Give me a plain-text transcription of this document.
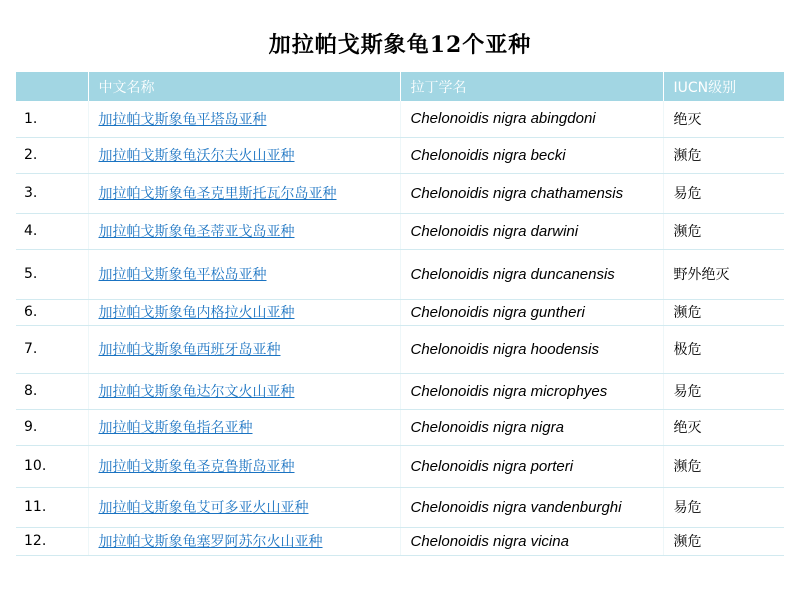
加拉帕戈斯象龟12个亚种
	中文名称	拉丁学名	IUCN级别
1.	加拉帕戈斯象龟平塔岛亚种	Chelonoidis nigra abingdoni	绝灭
2.	加拉帕戈斯象龟沃尔夫火山亚种	Chelonoidis nigra becki	濒危
3.	加拉帕戈斯象龟圣克里斯托瓦尔岛亚种	Chelonoidis nigra chathamensis	易危
4.	加拉帕戈斯象龟圣蒂亚戈岛亚种	Chelonoidis nigra darwini	濒危
5.	加拉帕戈斯象龟平松岛亚种	Chelonoidis nigra duncanensis	野外绝灭
6.	加拉帕戈斯象龟内格拉火山亚种	Chelonoidis nigra guntheri	濒危
7.	加拉帕戈斯象龟西班牙岛亚种	Chelonoidis nigra hoodensis	极危
8.	加拉帕戈斯象龟达尔文火山亚种	Chelonoidis nigra microphyes	易危
9.	加拉帕戈斯象龟指名亚种	Chelonoidis nigra nigra	绝灭
10.	加拉帕戈斯象龟圣克鲁斯岛亚种	Chelonoidis nigra porteri	濒危
11.	加拉帕戈斯象龟艾可多亚火山亚种	Chelonoidis nigra vandenburghi	易危
12.	加拉帕戈斯象龟塞罗阿苏尔火山亚种	Chelonoidis nigra vicina	濒危
